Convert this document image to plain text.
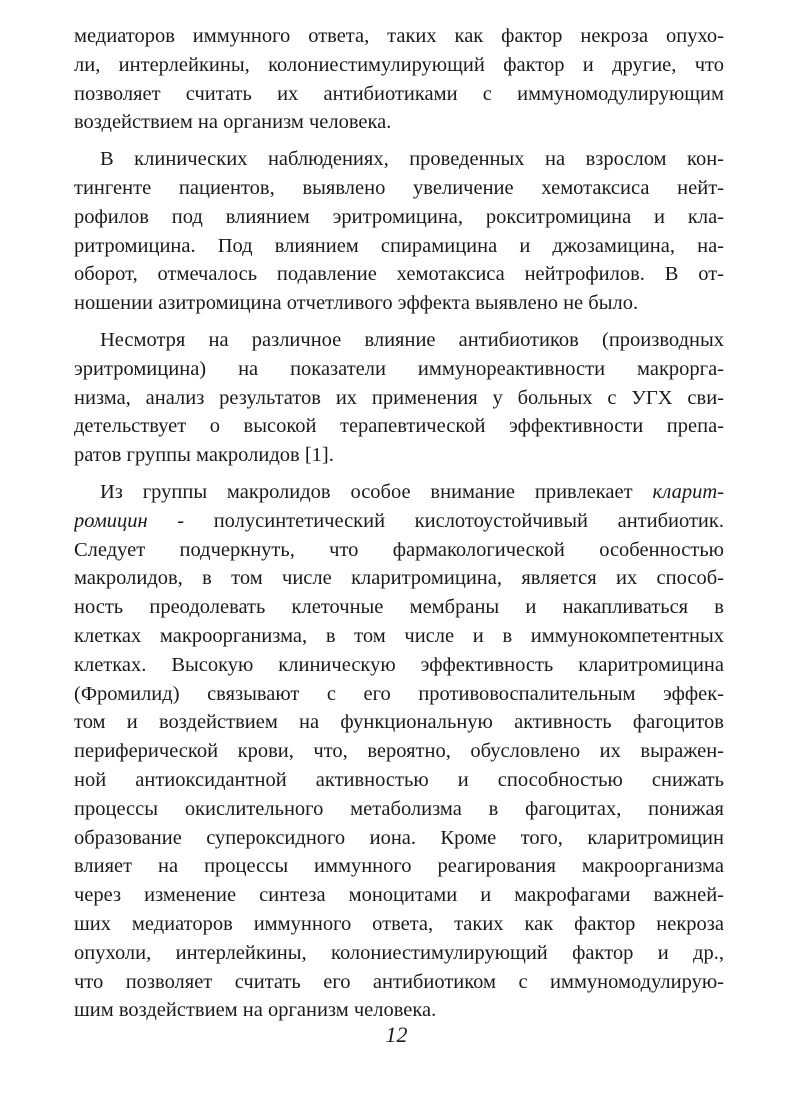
медиаторов иммунного ответа, таких как фактор некроза опухо-
ли, интерлейкины, колониестимулирующий фактор и другие, что
позволяет считать их антибиотиками с иммуномодулирующим
воздействием на организм человека.
В клинических наблюдениях, проведенных на взрослом кон-
тингенте пациентов, выявлено увеличение хемотаксиса нейт-
рофилов под влиянием эритромицина, рокситромицина и кла-
ритромицина. Под влиянием спирамицина и джозамицина, на-
оборот, отмечалось подавление хемотаксиса нейтрофилов. В от-
ношении азитромицина отчетливого эффекта выявлено не было.
Несмотря на различное влияние антибиотиков (производных
эритромицина) на показатели иммунореактивности макрорга-
низма, анализ результатов их применения у больных с УГХ сви-
детельствует о высокой терапевтической эффективности препа-
ратов группы макролидов [1].
Из группы макролидов особое внимание привлекает кларит-
ромицин - полусинтетический кислотоустойчивый антибиотик.
Следует подчеркнуть, что фармакологической особенностью
макролидов, в том числе кларитромицина, является их способ-
ность преодолевать клеточные мембраны и накапливаться в
клетках макроорганизма, в том числе и в иммунокомпетентных
клетках. Высокую клиническую эффективность кларитромицина
(Фромилид) связывают с его противовоспалительным эффек-
том и воздействием на функциональную активность фагоцитов
периферической крови, что, вероятно, обусловлено их выражен-
ной антиоксидантной активностью и способностью снижать
процессы окислительного метаболизма в фагоцитах, понижая
образование супероксидного иона. Кроме того, кларитромицин
влияет на процессы иммунного реагирования макроорганизма
через изменение синтеза моноцитами и макрофагами важней-
ших медиаторов иммунного ответа, таких как фактор некроза
опухоли, интерлейкины, колониестимулирующий фактор и др.,
что позволяет считать его антибиотиком с иммуномодулирую-
шим воздействием на организм человека.
12
